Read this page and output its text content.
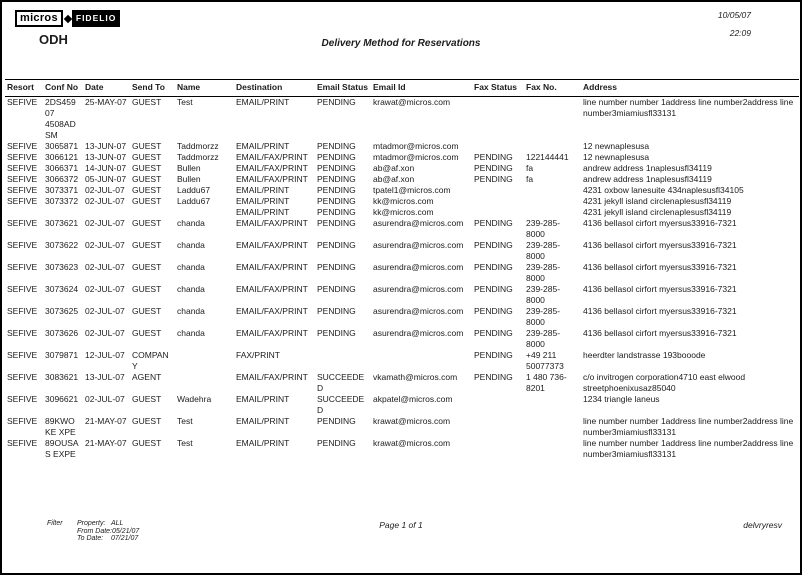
micros	FIDELIO
ODH	Delivery Method for Reservations
10/05/07
22:09
Resort	Conf No	Date	Send To	Name	Destination	Email Status	Email Id	Fax Status	Fax No.	Address
SEFIVE	2DS45907 4508ADSM	25-MAY-07	GUEST	Test	EMAIL/PRINT	PENDING	krawat@micros.com			line number number 1address line number2address line number3miamiusfl33131
SEFIVE	3065871	13-JUN-07	GUEST	Taddmorzz	EMAIL/PRINT	PENDING	mtadmor@micros.com			12 newnaplesusa
SEFIVE	3066121	13-JUN-07	GUEST	Taddmorzz	EMAIL/FAX/PRINT	PENDING	mtadmor@micros.com	PENDING	122144441	12 newnaplesusa
SEFIVE	3066371	14-JUN-07	GUEST	Bullen	EMAIL/FAX/PRINT	PENDING	ab@af.xon	PENDING	fa	andrew address 1naplesusfl34119
SEFIVE	3066372	05-JUN-07	GUEST	Bullen	EMAIL/FAX/PRINT	PENDING	ab@af.xon	PENDING	fa	andrew address 1naplesusfl34119
SEFIVE	3073371	02-JUL-07	GUEST	Laddu67	EMAIL/PRINT	PENDING	tpatel1@micros.com			4231 oxbow lanesuite 434naplesusfl34105
SEFIVE	3073372	02-JUL-07	GUEST	Laddu67	EMAIL/PRINT	PENDING	kk@micros.com			4231 jekyll island circlenaplesusfl34119
					EMAIL/PRINT	PENDING	kk@micros.com			4231 jekyll island circlenaplesusfl34119
SEFIVE	3073621	02-JUL-07	GUEST	chanda	EMAIL/FAX/PRINT	PENDING	asurendra@micros.com	PENDING	239-285-8000	4136 bellasol cirfort myersus33916-7321
SEFIVE	3073622	02-JUL-07	GUEST	chanda	EMAIL/FAX/PRINT	PENDING	asurendra@micros.com	PENDING	239-285-8000	4136 bellasol cirfort myersus33916-7321
SEFIVE	3073623	02-JUL-07	GUEST	chanda	EMAIL/FAX/PRINT	PENDING	asurendra@micros.com	PENDING	239-285-8000	4136 bellasol cirfort myersus33916-7321
SEFIVE	3073624	02-JUL-07	GUEST	chanda	EMAIL/FAX/PRINT	PENDING	asurendra@micros.com	PENDING	239-285-8000	4136 bellasol cirfort myersus33916-7321
SEFIVE	3073625	02-JUL-07	GUEST	chanda	EMAIL/FAX/PRINT	PENDING	asurendra@micros.com	PENDING	239-285-8000	4136 bellasol cirfort myersus33916-7321
SEFIVE	3073626	02-JUL-07	GUEST	chanda	EMAIL/FAX/PRINT	PENDING	asurendra@micros.com	PENDING	239-285-8000	4136 bellasol cirfort myersus33916-7321
SEFIVE	3079871	12-JUL-07	COMPANY		FAX/PRINT			PENDING	+49 211 50077373	heerdter landstrasse 193booode
SEFIVE	3083621	13-JUL-07	AGENT		EMAIL/FAX/PRINT	SUCCEEDED	vkamath@micros.com	PENDING	1 480 736-8201	c/o invitrogen corporation4710 east elwood streetphoenixusaz85040
SEFIVE	3096621	02-JUL-07	GUEST	Wadehra	EMAIL/PRINT	SUCCEEDED	akpatel@micros.com			1234 triangle laneus
SEFIVE	89KWOKE XPE	21-MAY-07	GUEST	Test	EMAIL/PRINT	PENDING	krawat@micros.com			line number number 1address line number2address line number3miamiusfl33131
SEFIVE	89OUSAS EXPE	21-MAY-07	GUEST	Test	EMAIL/PRINT	PENDING	krawat@micros.com			line number number 1address line number2address line number3miamiusfl33131
Filter Property: ALL
From Date:05/21/07
To Date: 07/21/07
Page 1 of 1	delvryresv
